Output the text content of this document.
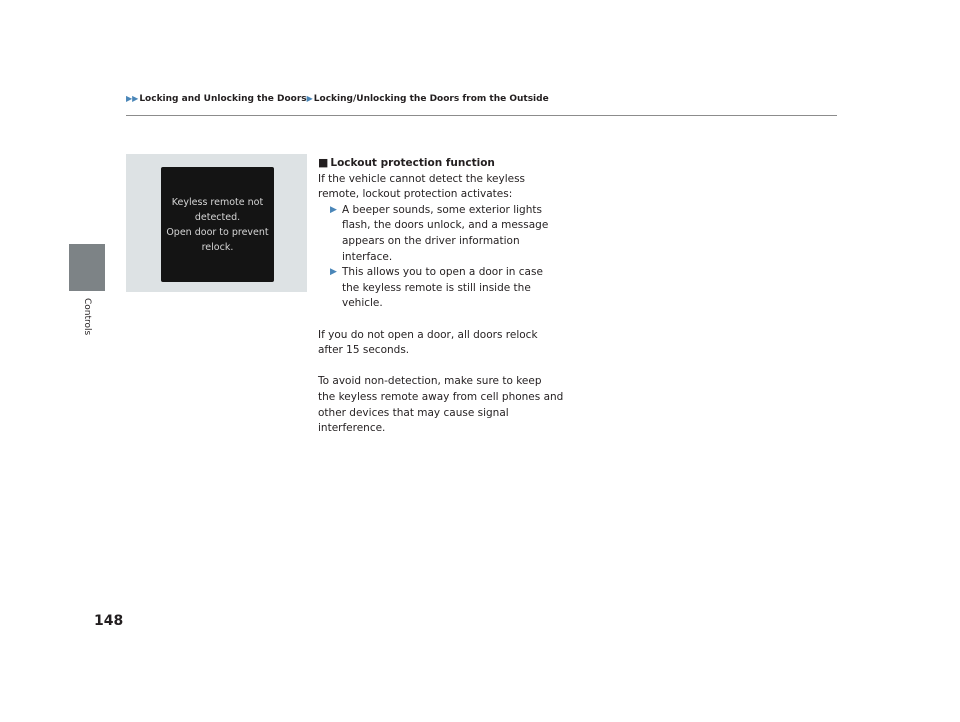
▶▶Locking and Unlocking the Doors▶Locking/Unlocking the Doors from the Outside
Controls
148
Keyless remote not
detected.
Open door to prevent
relock.
■ Lockout protection function

If the vehicle cannot detect the keyless
remote, lockout protection activates:

▶ A beeper sounds, some exterior lights
flash, the doors unlock, and a message
appears on the driver information
interface.
▶ This allows you to open a door in case
the keyless remote is still inside the
vehicle.

If you do not open a door, all doors relock
after 15 seconds.

To avoid non-detection, make sure to keep
the keyless remote away from cell phones and
other devices that may cause signal
interference.
